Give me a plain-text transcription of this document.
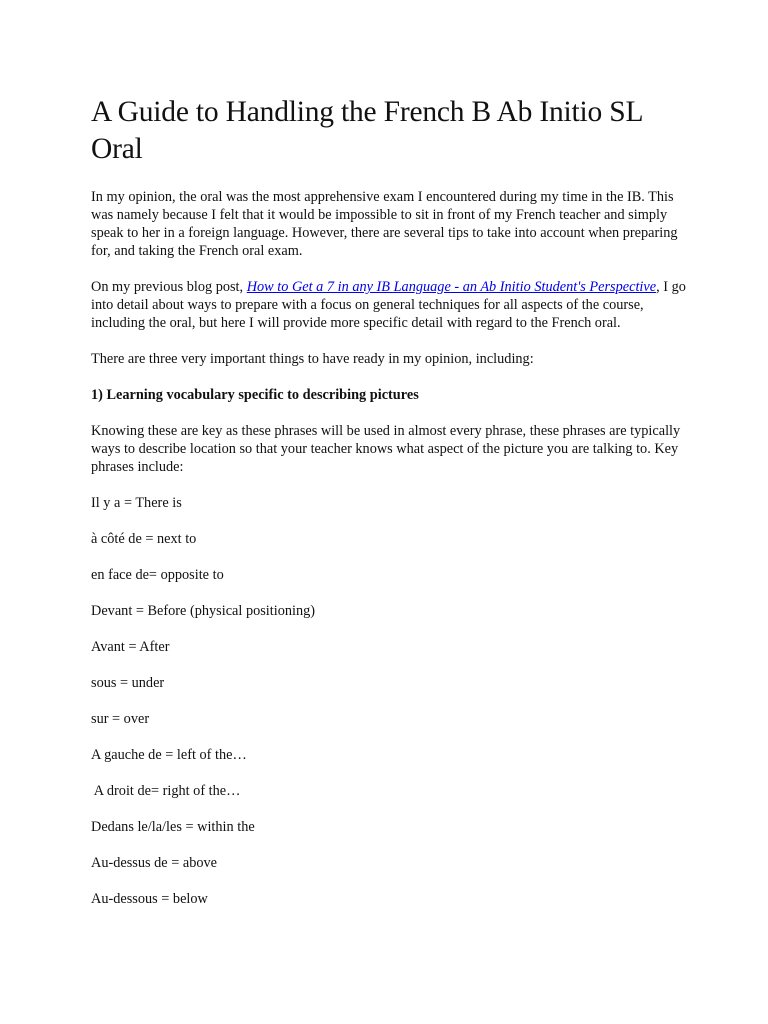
A Guide to Handling the French B Ab Initio SL Oral

In my opinion, the oral was the most apprehensive exam I encountered during my time in the IB. This was namely because I felt that it would be impossible to sit in front of my French teacher and simply speak to her in a foreign language. However, there are several tips to take into account when preparing for, and taking the French oral exam.

On my previous blog post, How to Get a 7 in any IB Language - an Ab Initio Student's Perspective, I go into detail about ways to prepare with a focus on general techniques for all aspects of the course, including the oral, but here I will provide more specific detail with regard to the French oral.

There are three very important things to have ready in my opinion, including:

1) Learning vocabulary specific to describing pictures

Knowing these are key as these phrases will be used in almost every phrase, these phrases are typically ways to describe location so that your teacher knows what aspect of the picture you are talking to. Key phrases include:

Il y a = There is

à côté de = next to

en face de= opposite to

Devant = Before (physical positioning)

Avant = After

sous = under

sur = over

A gauche de = left of the…

A droit de= right of the…

Dedans le/la/les = within the

Au-dessus de = above

Au-dessous = below
